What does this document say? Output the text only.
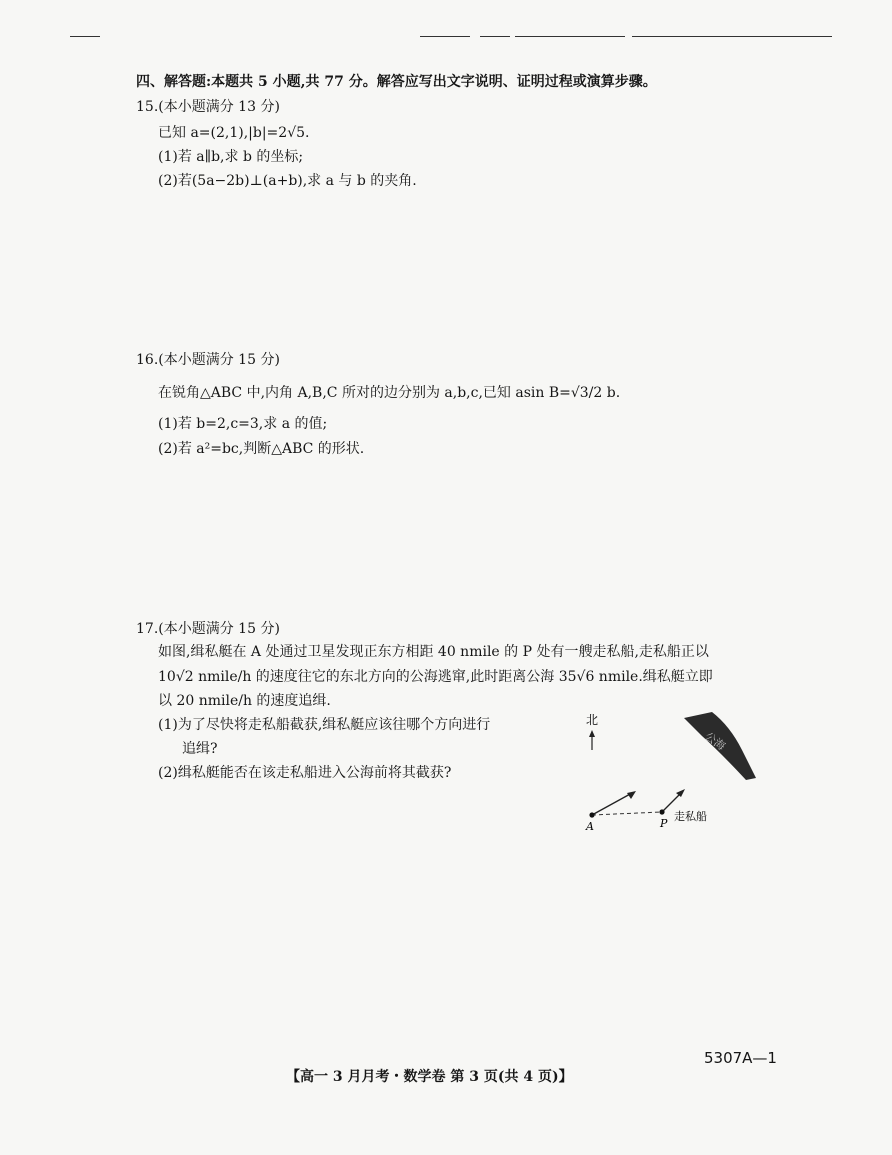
四、解答题:本题共 5 小题,共 77 分。解答应写出文字说明、证明过程或演算步骤。
15.(本小题满分 13 分)
已知 a=(2,1),|b|=2√5.
(1)若 a∥b,求 b 的坐标;
(2)若(5a−2b)⊥(a+b),求 a 与 b 的夹角.
16.(本小题满分 15 分)
在锐角△ABC 中,内角 A,B,C 所对的边分别为 a,b,c,已知 asin B=√3/2 b.
(1)若 b=2,c=3,求 a 的值;
(2)若 a²=bc,判断△ABC 的形状.
17.(本小题满分 15 分)
如图,缉私艇在 A 处通过卫星发现正东方相距 40 nmile 的 P 处有一艘走私船,走私船正以
10√2 nmile/h 的速度往它的东北方向的公海逃窜,此时距离公海 35√6 nmile.缉私艇立即
以 20 nmile/h 的速度追缉.
(1)为了尽快将走私船截获,缉私艇应该往哪个方向进行
追缉?
(2)缉私艇能否在该走私船进入公海前将其截获?
北
公海
A	P
走私船
5307A—1
【高一 3 月月考・数学卷 第 3 页(共 4 页)】
